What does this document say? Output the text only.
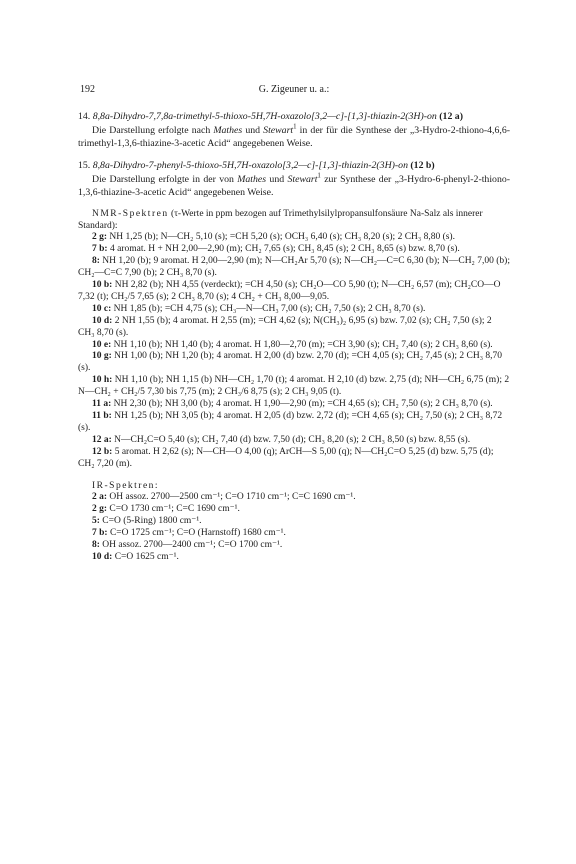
192	G. Zigeuner u. a.:
14. 8,8a-Dihydro-7,7,8a-trimethyl-5-thioxo-5H,7H-oxazolo[3,2—c]-[1,3]-thiazin-2(3H)-on (12 a)
Die Darstellung erfolgte nach Mathes und Stewart$^1$ in der für die Synthese der „3-Hydro-2-thiono-4,6,6-trimethyl-1,3,6-thiazine-3-acetic Acid“ angegebenen Weise.
15. 8,8a-Dihydro-7-phenyl-5-thioxo-5H,7H-oxazolo[3,2—c]-[1,3]-thiazin-2(3H)-on (12 b)
Die Darstellung erfolgte in der von Mathes und Stewart$^1$ zur Synthese der „3-Hydro-6-phenyl-2-thiono-1,3,6-thiazine-3-acetic Acid“ angegebenen Weise.
NMR-Spektren (τ-Werte in ppm bezogen auf Trimethylsilylpropansulfonsäure Na-Salz als innerer Standard):
2 g: NH 1,25 (b); N—CH₂ 5,10 (s); =CH 5,20 (s); OCH₃ 6,40 (s); CH₃ 8,20 (s); 2 CH₃ 8,80 (s).
7 b: 4 aromat. H + NH 2,00—2,90 (m); CH₂ 7,65 (s); CH₃ 8,45 (s); 2 CH₃ 8,65 (s) bzw. 8,70 (s).
8: NH 1,20 (b); 9 aromat. H 2,00—2,90 (m); N—CH₂Ar 5,70 (s); N—CH₂—C=C 6,30 (b); N—CH₂ 7,00 (b); CH₂—C=C 7,90 (b); 2 CH₃ 8,70 (s).
10 b: NH 2,82 (b); NH 4,55 (verdeckt); =CH 4,50 (s); CH₂O—CO 5,90 (t); N—CH₂ 6,57 (m); CH₂CO—O 7,32 (t); CH₂/5 7,65 (s); 2 CH₃ 8,70 (s); 4 CH₂ + CH₃ 8,00—9,05.
10 c: NH 1,85 (b); =CH 4,75 (s); CH₃—N—CH₃ 7,00 (s); CH₂ 7,50 (s); 2 CH₃ 8,70 (s).
10 d: 2 NH 1,55 (b); 4 aromat. H 2,55 (m); =CH 4,62 (s); N(CH₃)₂ 6,95 (s) bzw. 7,02 (s); CH₂ 7,50 (s); 2 CH₃ 8,70 (s).
10 e: NH 1,10 (b); NH 1,40 (b); 4 aromat. H 1,80—2,70 (m); =CH 3,90 (s); CH₂ 7,40 (s); 2 CH₃ 8,60 (s).
10 g: NH 1,00 (b); NH 1,20 (b); 4 aromat. H 2,00 (d) bzw. 2,70 (d); =CH 4,05 (s); CH₂ 7,45 (s); 2 CH₃ 8,70 (s).
10 h: NH 1,10 (b); NH 1,15 (b) NH—CH₂ 1,70 (t); 4 aromat. H 2,10 (d) bzw. 2,75 (d); NH—CH₂ 6,75 (m); 2 N—CH₂ + CH₂/5 7,30 bis 7,75 (m); 2 CH₃/6 8,75 (s); 2 CH₃ 9,05 (t).
11 a: NH 2,30 (b); NH 3,00 (b); 4 aromat. H 1,90—2,90 (m); =CH 4,65 (s); CH₂ 7,50 (s); 2 CH₃ 8,70 (s).
11 b: NH 1,25 (b); NH 3,05 (b); 4 aromat. H 2,05 (d) bzw. 2,72 (d); =CH 4,65 (s); CH₂ 7,50 (s); 2 CH₃ 8,72 (s).
12 a: N—CH₂C=O 5,40 (s); CH₂ 7,40 (d) bzw. 7,50 (d); CH₃ 8,20 (s); 2 CH₃ 8,50 (s) bzw. 8,55 (s).
12 b: 5 aromat. H 2,62 (s); N—CH—O 4,00 (q); ArCH—S 5,00 (q); N—CH₂C=O 5,25 (d) bzw. 5,75 (d); CH₂ 7,20 (m).
IR-Spektren:
2 a: OH assoz. 2700—2500 cm⁻¹; C=O 1710 cm⁻¹; C=C 1690 cm⁻¹.
2 g: C=O 1730 cm⁻¹; C=C 1690 cm⁻¹.
5: C=O (5-Ring) 1800 cm⁻¹.
7 b: C=O 1725 cm⁻¹; C=O (Harnstoff) 1680 cm⁻¹.
8: OH assoz. 2700—2400 cm⁻¹; C=O 1700 cm⁻¹.
10 d: C=O 1625 cm⁻¹.
